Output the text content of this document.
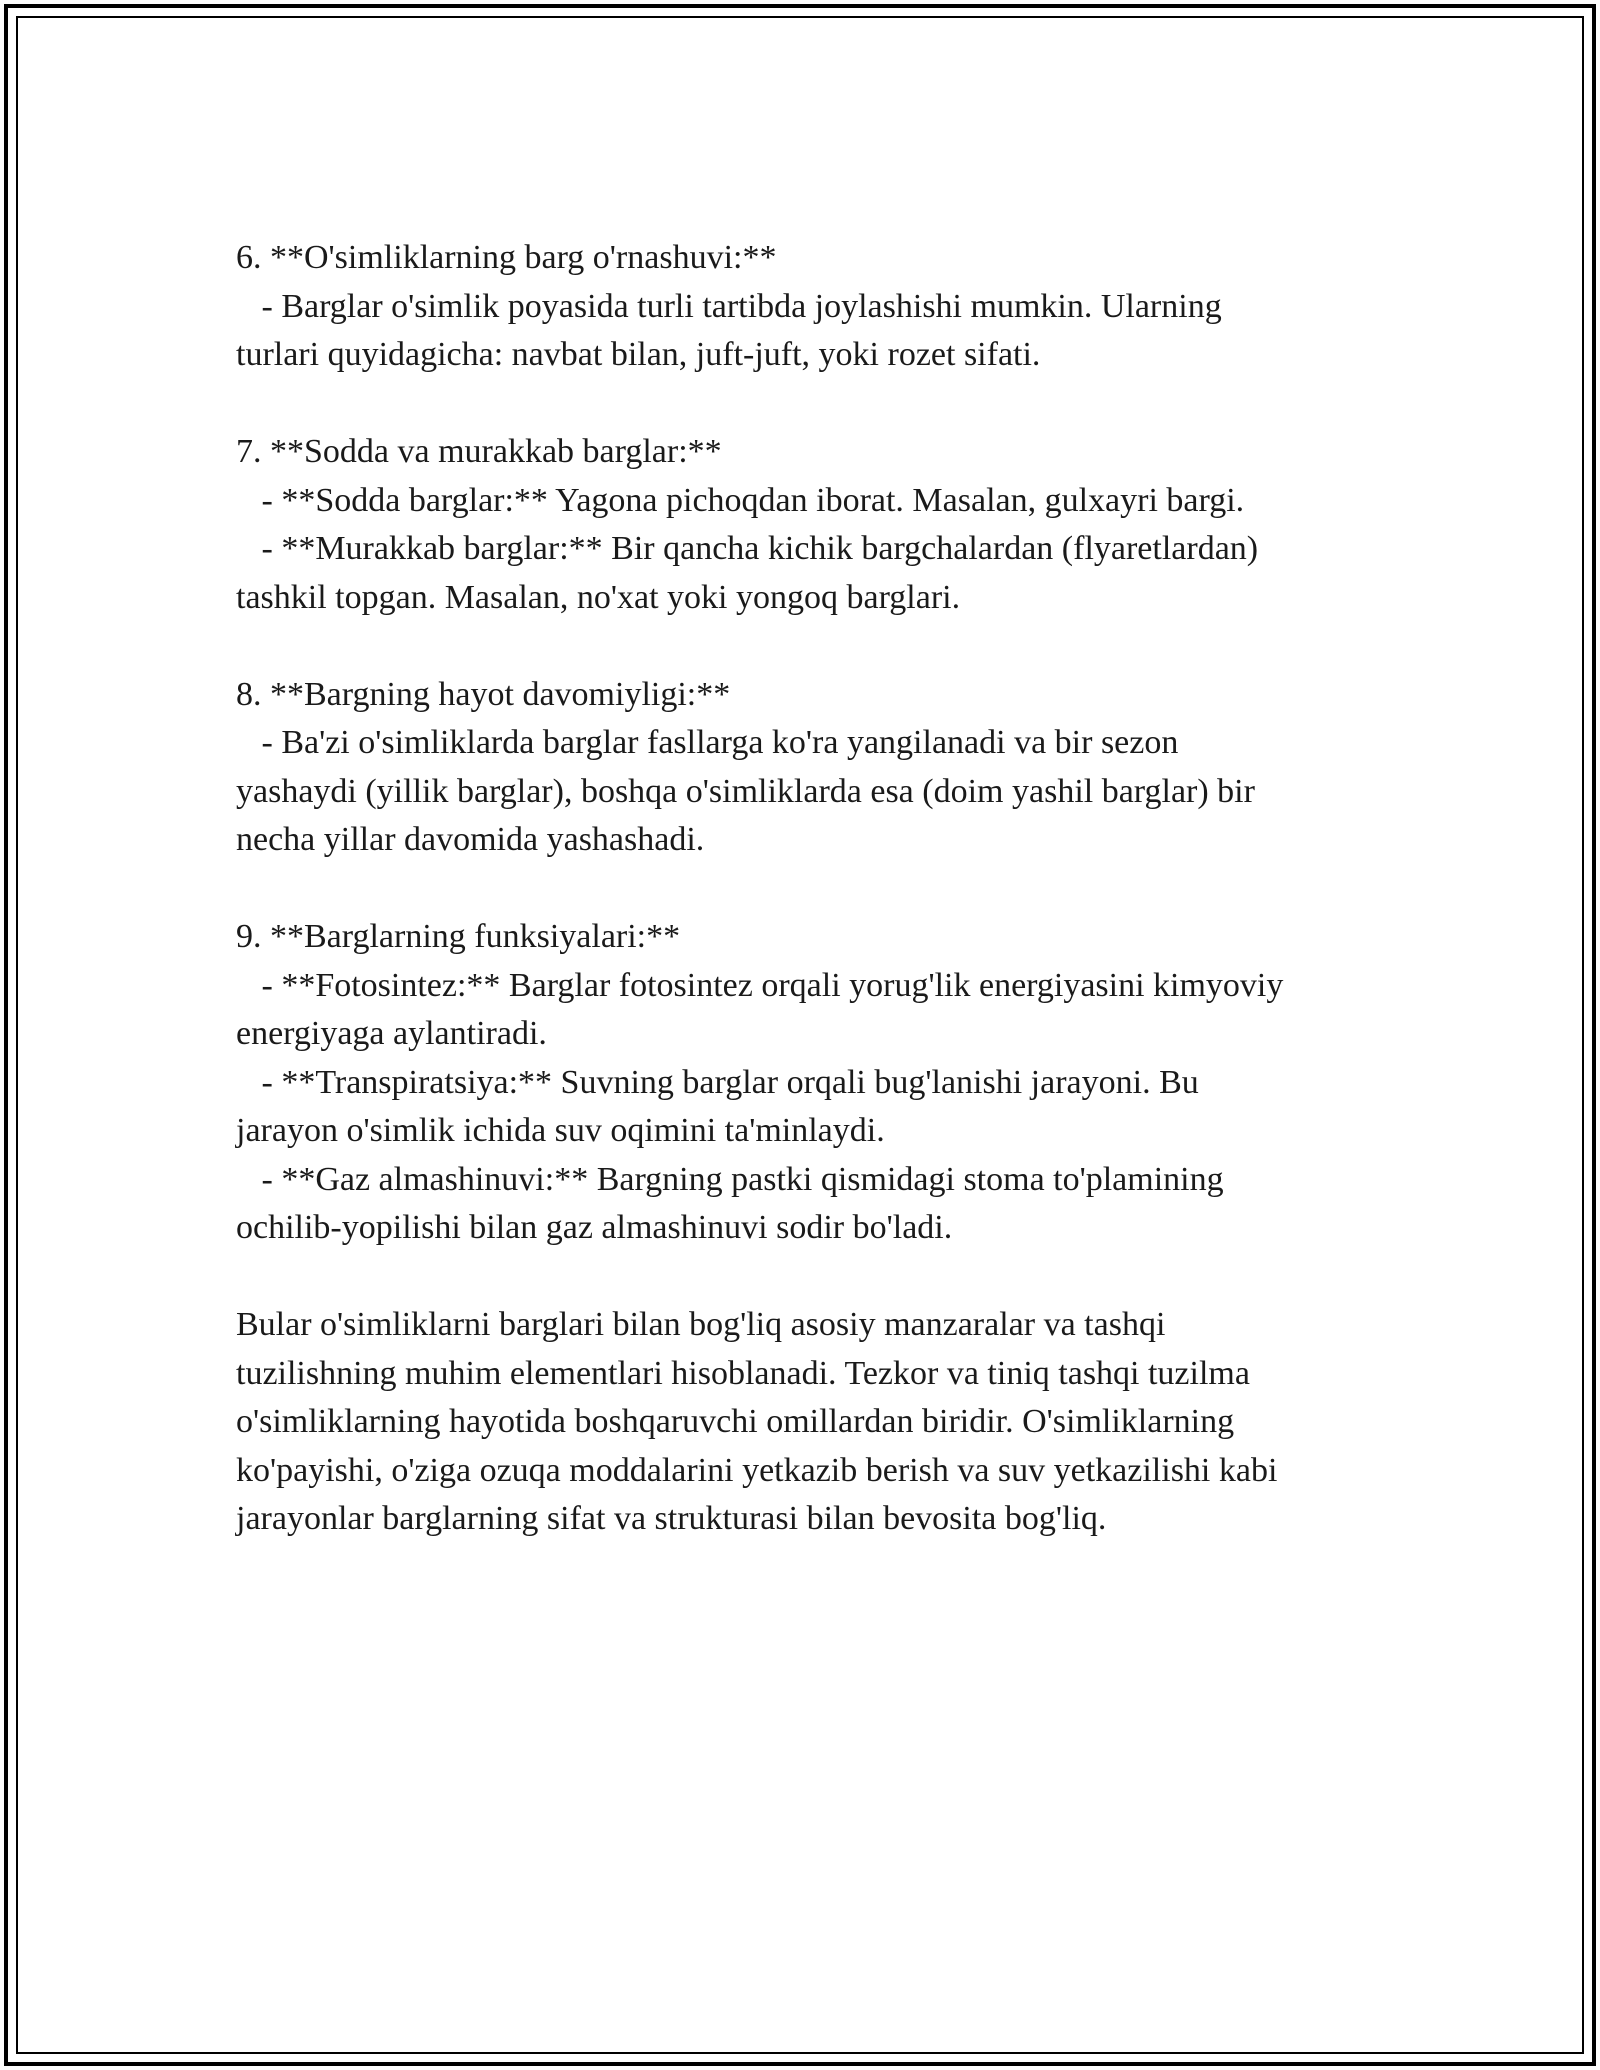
6. **O'simliklarning barg o'rnashuvi:**
- Barglar o'simlik poyasida turli tartibda joylashishi mumkin. Ularning
turlari quyidagicha: navbat bilan, juft-juft, yoki rozet sifati.
7. **Sodda va murakkab barglar:**
- **Sodda barglar:** Yagona pichoqdan iborat. Masalan, gulxayri bargi.
- **Murakkab barglar:** Bir qancha kichik bargchalardan (flyaretlardan)
tashkil topgan. Masalan, no'xat yoki yongoq barglari.
8. **Bargning hayot davomiyligi:**
- Ba'zi o'simliklarda barglar fasllarga ko'ra yangilanadi va bir sezon
yashaydi (yillik barglar), boshqa o'simliklarda esa (doim yashil barglar) bir
necha yillar davomida yashashadi.
9. **Barglarning funksiyalari:**
- **Fotosintez:** Barglar fotosintez orqali yorug'lik energiyasini kimyoviy
energiyaga aylantiradi.
- **Transpiratsiya:** Suvning barglar orqali bug'lanishi jarayoni. Bu
jarayon o'simlik ichida suv oqimini ta'minlaydi.
- **Gaz almashinuvi:** Bargning pastki qismidagi stoma to'plamining
ochilib-yopilishi bilan gaz almashinuvi sodir bo'ladi.
Bular o'simliklarni barglari bilan bog'liq asosiy manzaralar va tashqi
tuzilishning muhim elementlari hisoblanadi. Tezkor va tiniq tashqi tuzilma
o'simliklarning hayotida boshqaruvchi omillardan biridir. O'simliklarning
ko'payishi, o'ziga ozuqa moddalarini yetkazib berish va suv yetkazilishi kabi
jarayonlar barglarning sifat va strukturasi bilan bevosita bog'liq.
